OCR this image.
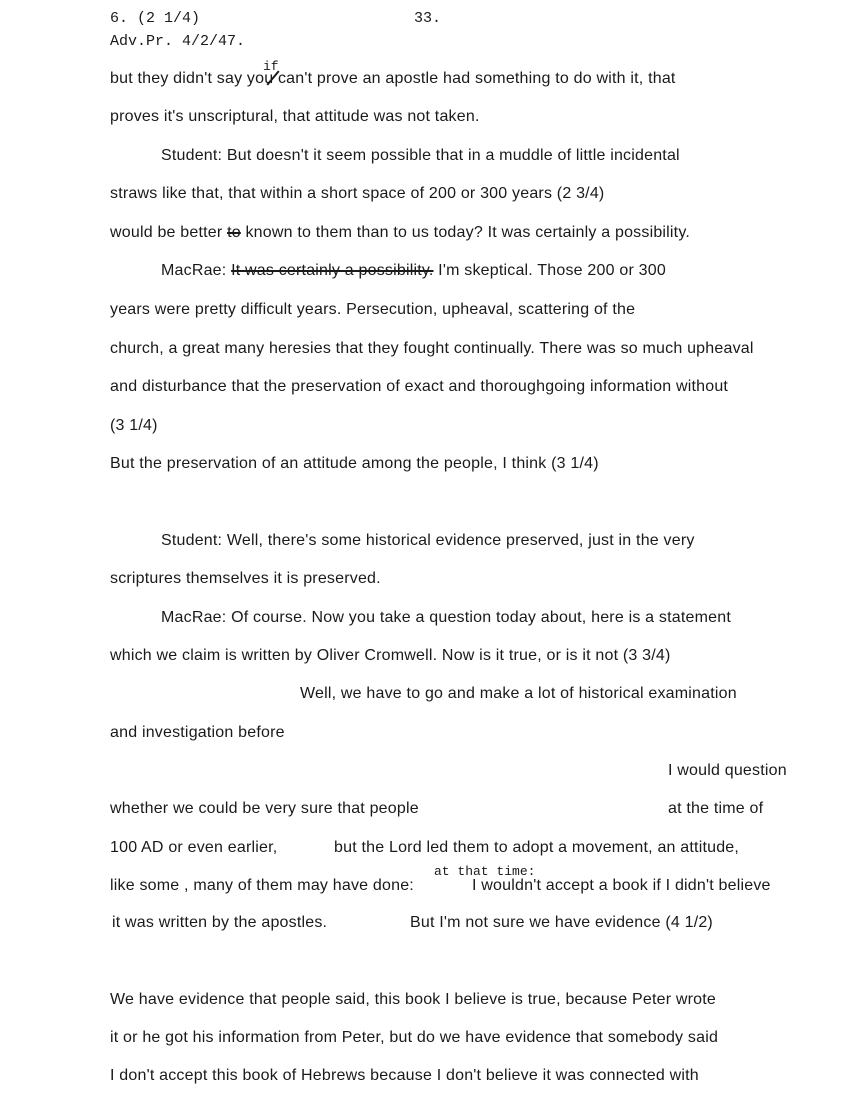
6. (2 1/4)	33.
Adv.Pr. 4/2/47.
if
but they didn't say you can't prove an apostle had something to do with it, that
proves it's unscriptural, that attitude was not taken.
Student: But doesn't it seem possible that in a muddle of little incidental
straws like that, that within a short space of 200 or 300 years (2 3/4)
would be better to known to them than to us today? It was certainly a possibility.
MacRae: It was certainly a possibility. I'm skeptical. Those 200 or 300
years were pretty difficult years. Persecution, upheaval, scattering of the
church, a great many heresies that they fought continually. There was so much upheaval
and disturbance that the preservation of exact and thoroughgoing information without
(3 1/4)
But the preservation of an attitude among the people, I think (3 1/4)
Student: Well, there's some historical evidence preserved, just in the very
scriptures themselves it is preserved.
MacRae: Of course. Now you take a question today about, here is a statement
which we claim is written by Oliver Cromwell. Now is it true, or is it not (3 3/4)
Well, we have to go and make a lot of historical examination
and investigation before
I would question
whether we could be very sure that people	at the time of
100 AD or even earlier,	but the Lord led them to adopt a movement, an attitude,
at that time:
like some , many of them may have done:	I wouldn't accept a book if I didn't believe
it was written by the apostles.	But I'm not sure we have evidence (4 1/2)
We have evidence that people said, this book I believe is true, because Peter wrote
it or he got his information from Peter, but do we have evidence that somebody said
I don't accept this book of Hebrews because I don't believe it was connected with
